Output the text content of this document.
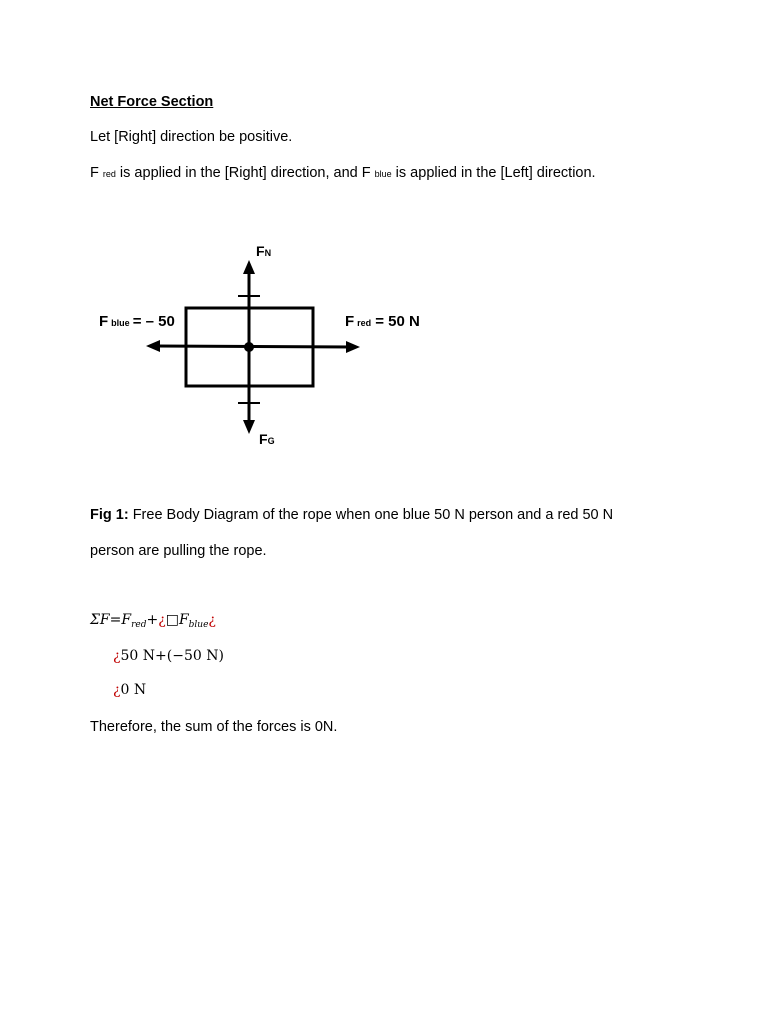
Net Force Section
Let [Right] direction be positive.
F red is applied in the [Right] direction, and F blue is applied in the [Left] direction.
FN
FG
Fblue = – 50	Fred = 50 N
Fig 1: Free Body Diagram of the rope when one blue 50 N person and a red 50 N
person are pulling the rope.
$\Sigma F=F_{red}+¿□F_{blue}¿$
¿50 N+(−50 N)
¿0 N
Therefore, the sum of the forces is 0N.
